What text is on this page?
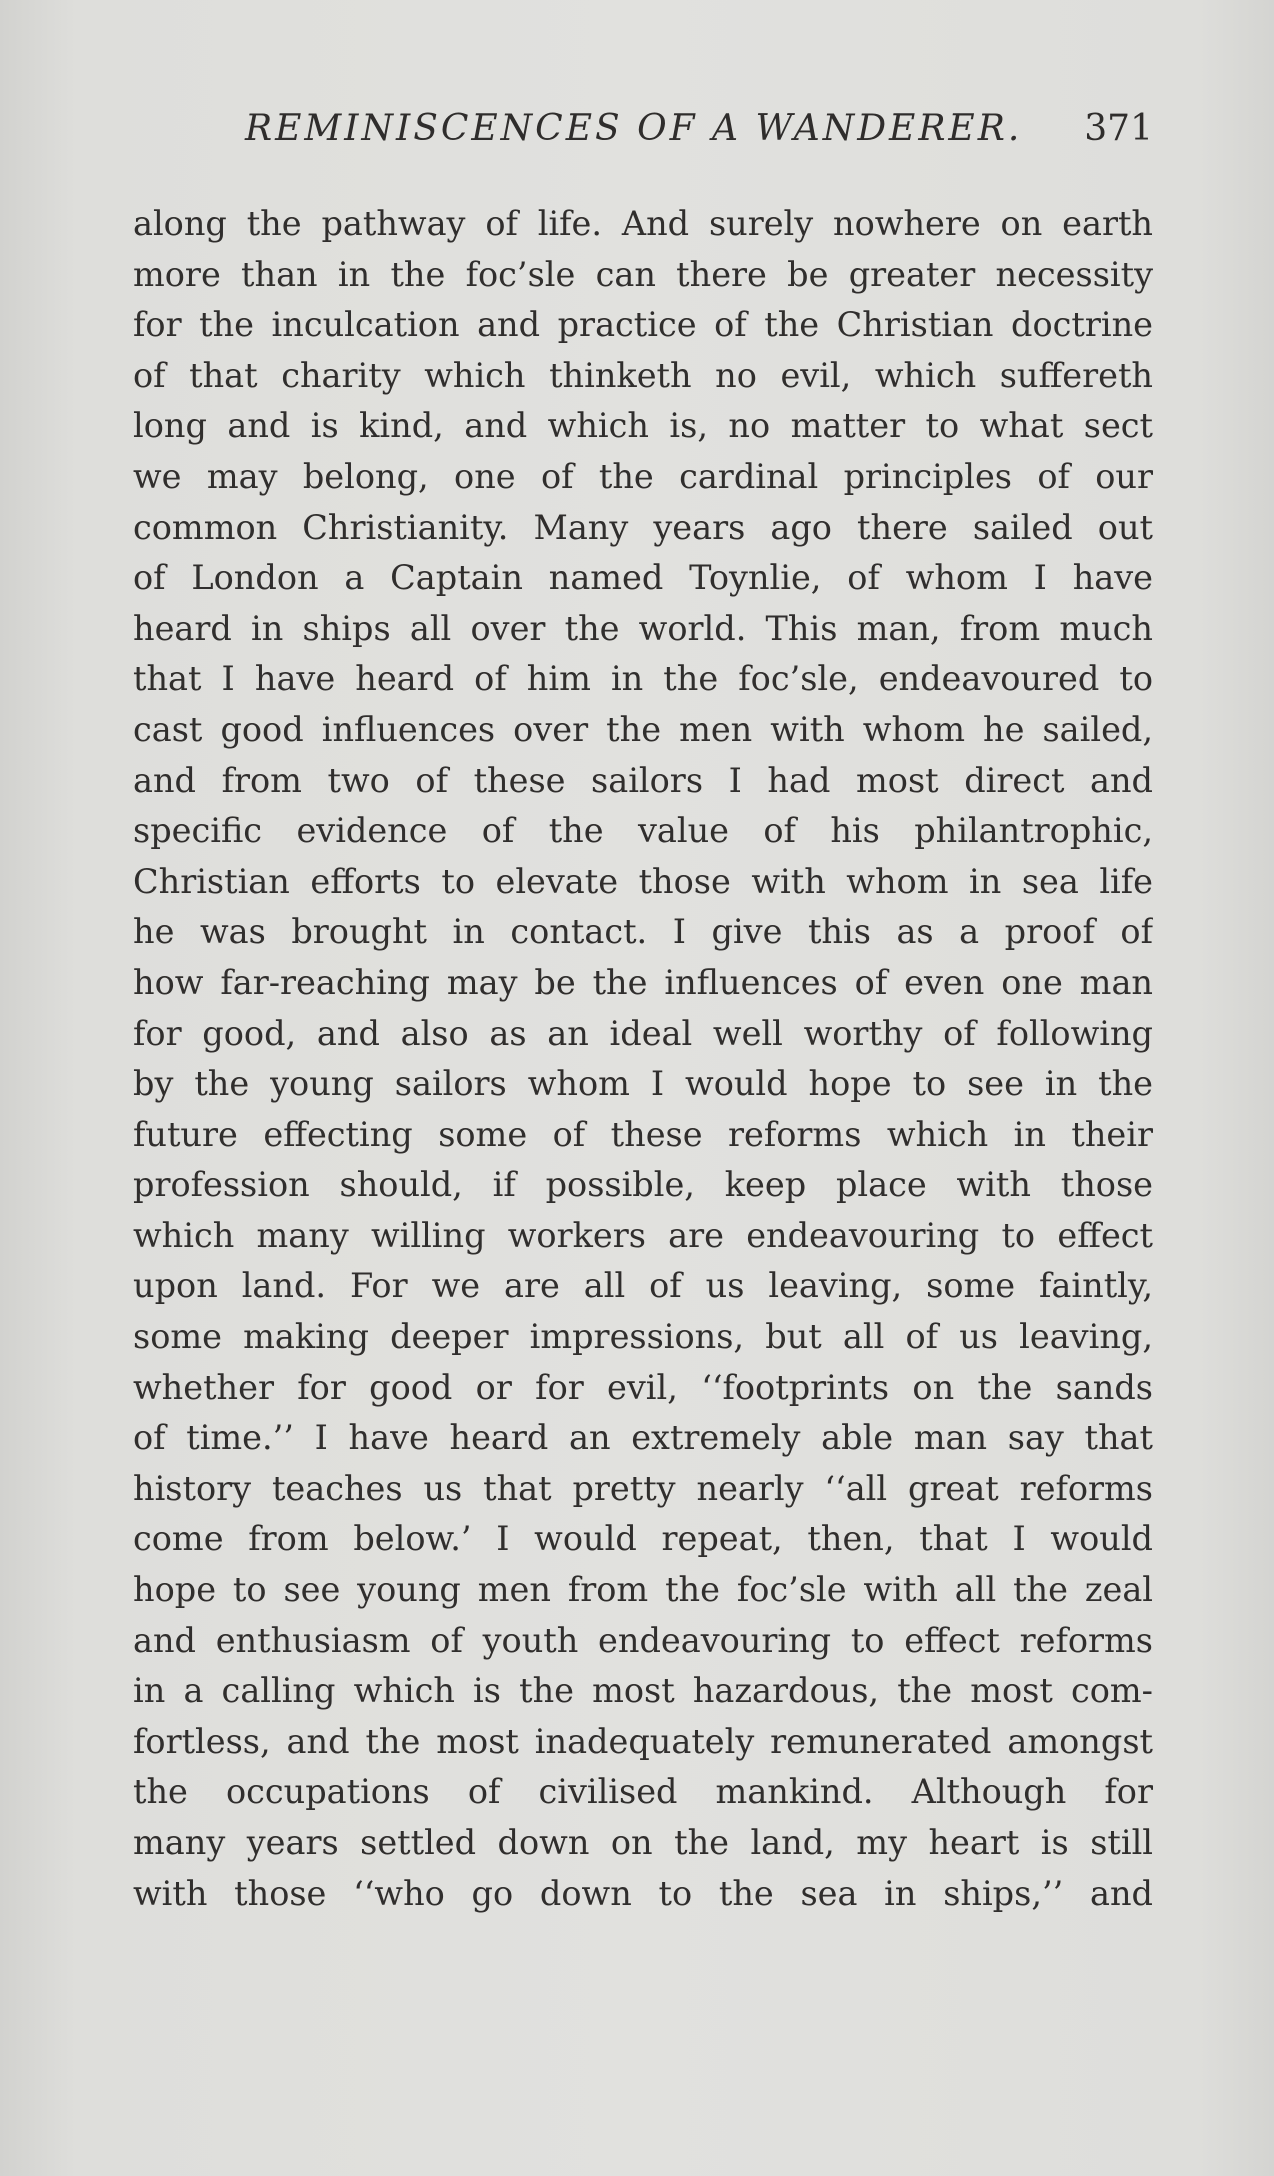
REMINISCENCES OF A WANDERER. 371
along the pathway of life. And surely nowhere on earth
more than in the foc’sle can there be greater necessity
for the inculcation and practice of the Christian doctrine
of that charity which thinketh no evil, which suffereth
long and is kind, and which is, no matter to what sect
we may belong, one of the cardinal principles of our
common Christianity. Many years ago there sailed out
of London a Captain named Toynlie, of whom I have
heard in ships all over the world. This man, from much
that I have heard of him in the foc’sle, endeavoured to
cast good influences over the men with whom he sailed,
and from two of these sailors I had most direct and
specific evidence of the value of his philantrophic,
Christian efforts to elevate those with whom in sea life
he was brought in contact. I give this as a proof of
how far-reaching may be the influences of even one man
for good, and also as an ideal well worthy of following
by the young sailors whom I would hope to see in the
future effecting some of these reforms which in their
profession should, if possible, keep place with those
which many willing workers are endeavouring to effect
upon land. For we are all of us leaving, some faintly,
some making deeper impressions, but all of us leaving,
whether for good or for evil, ‘‘footprints on the sands
of time.’’ I have heard an extremely able man say that
history teaches us that pretty nearly ‘‘all great reforms
come from below.’ I would repeat, then, that I would
hope to see young men from the foc’sle with all the zeal
and enthusiasm of youth endeavouring to effect reforms
in a calling which is the most hazardous, the most com-
fortless, and the most inadequately remunerated amongst
the occupations of civilised mankind. Although for
many years settled down on the land, my heart is still
with those ‘‘who go down to the sea in ships,’’ and
